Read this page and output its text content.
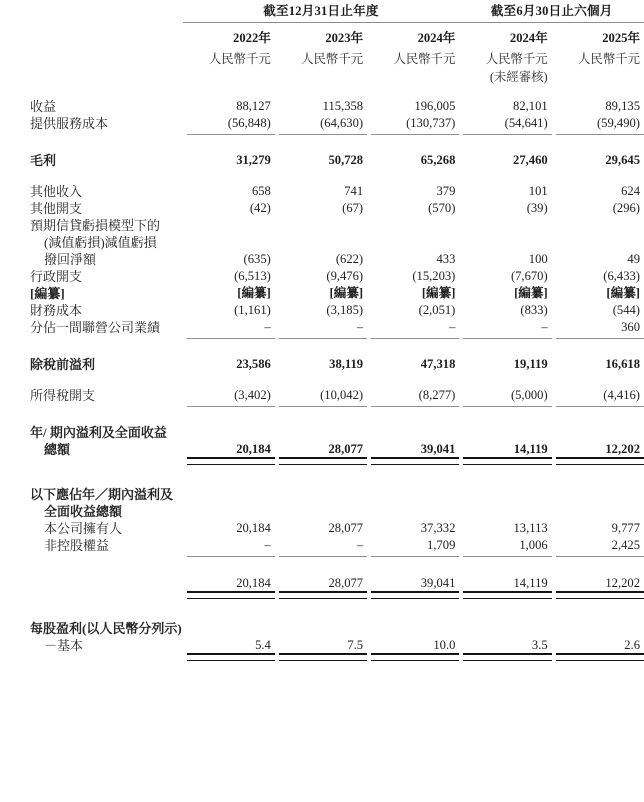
	截至12月31日止年度			截至6月30日止六個月	

	2022年	2023年	2024年	2024年	2025年
	人民幣千元	人民幣千元	人民幣千元	人民幣千元	人民幣千元
				(未經審核)	

收益	88,127	115,358	196,005	82,101	89,135
提供服務成本	(56,848)	(64,630)	(130,737)	(54,641)	(59,490)

毛利	31,279	50,728	65,268	27,460	29,645

其他收入	658	741	379	101	624
其他開支	(42)	(67)	(570)	(39)	(296)
預期信貸虧損模型下的					
(減值虧損)減值虧損					
撥回淨額	(635)	(622)	433	100	49
行政開支	(6,513)	(9,476)	(15,203)	(7,670)	(6,433)
[編纂]	[編纂]	[編纂]	[編纂]	[編纂]	[編纂]
財務成本	(1,161)	(3,185)	(2,051)	(833)	(544)
分佔一間聯營公司業績	–	–	–	–	360

除稅前溢利	23,586	38,119	47,318	19,119	16,618

所得稅開支	(3,402)	(10,042)	(8,277)	(5,000)	(4,416)

年/ 期內溢利及全面收益					
總額	20,184	28,077	39,041	14,119	12,202

以下應佔年／期內溢利及					
全面收益總額					
本公司擁有人	20,184	28,077	37,332	13,113	9,777
非控股權益	–	–	1,709	1,006	2,425

	20,184	28,077	39,041	14,119	12,202

每股盈利(以人民幣分列示)					
－基本	5.4	7.5	10.0	3.5	2.6
